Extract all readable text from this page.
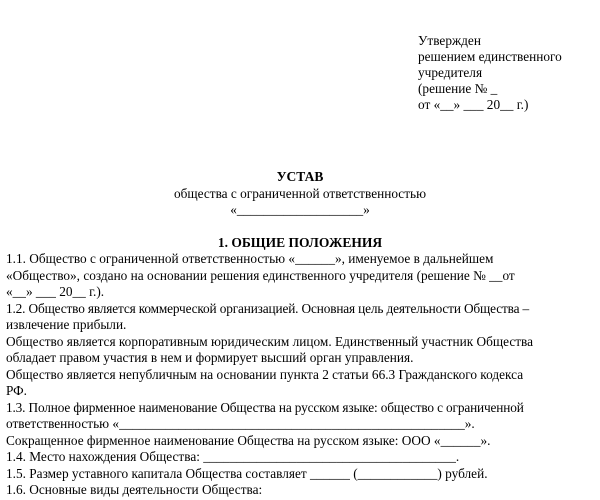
Утвержден
решением единственного
учредителя
(решение № _
от «__» ___ 20__ г.)
УСТАВ
общества с ограниченной ответственностью
«___________________»
1. ОБЩИЕ ПОЛОЖЕНИЯ
1.1. Общество с ограниченной ответственностью «______», именуемое в дальнейшем
«Общество», создано на основании решения единственного учредителя (решение № __от
«__» ___ 20__ г.).
1.2. Общество является коммерческой организацией. Основная цель деятельности Общества –
извлечение прибыли.
Общество является корпоративным юридическим лицом. Единственный участник Общества
обладает правом участия в нем и формирует высший орган управления.
Общество является непубличным на основании пункта 2 статьи 66.3 Гражданского кодекса
РФ.
1.3. Полное фирменное наименование Общества на русском языке: общество с ограниченной
ответственностью «____________________________________________________».
Сокращенное фирменное наименование Общества на русском языке: ООО «______».
1.4. Место нахождения Общества: ______________________________________.
1.5. Размер уставного капитала Общества составляет ______ (____________) рублей.
1.6. Основные виды деятельности Общества:
